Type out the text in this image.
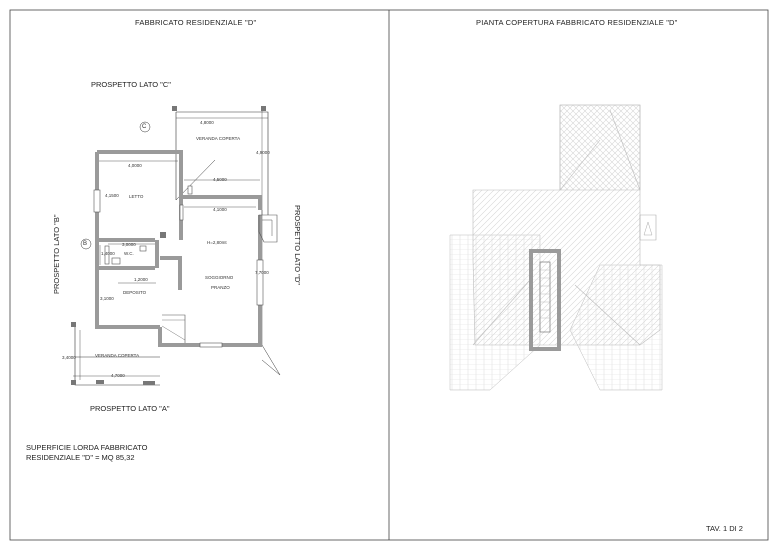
FABBRICATO RESIDENZIALE "D"	PIANTA COPERTURA FABBRICATO RESIDENZIALE "D"
PROSPETTO LATO "C"
PROSPETTO LATO "A"
PROSPETTO LATO "B"	PROSPETTO LATO "D"
C
B
VERANDA COPERTA
LETTO
W.C.
DEPOSITO
SOGGIORNO
PRANZO
H=2,80mt
VERANDA COPERTA
4,8000
4,9000
4,0000
4,1500
4,5000
4,1000
3,0000
1,4000
1,2000
7,7000
3,1000
3,4000
4,7000
SUPERFICIE LORDA FABBRICATO
RESIDENZIALE "D" = MQ 85,32
TAV. 1 DI 2
